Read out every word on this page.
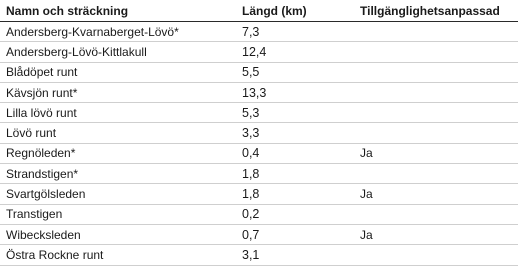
Namn och sträckning	Längd (km)	Tillgänglighetsanpassad
Andersberg-Kvarnaberget-Lövö*	7,3	
Andersberg-Lövö-Kittlakull	12,4	
Blådöpet runt	5,5	
Kävsjön runt*	13,3	
Lilla lövö runt	5,3	
Lövö runt	3,3	
Regnöleden*	0,4	Ja
Strandstigen*	1,8	
Svartgölsleden	1,8	Ja
Transtigen	0,2	
Wibecksleden	0,7	Ja
Östra Rockne runt	3,1	
